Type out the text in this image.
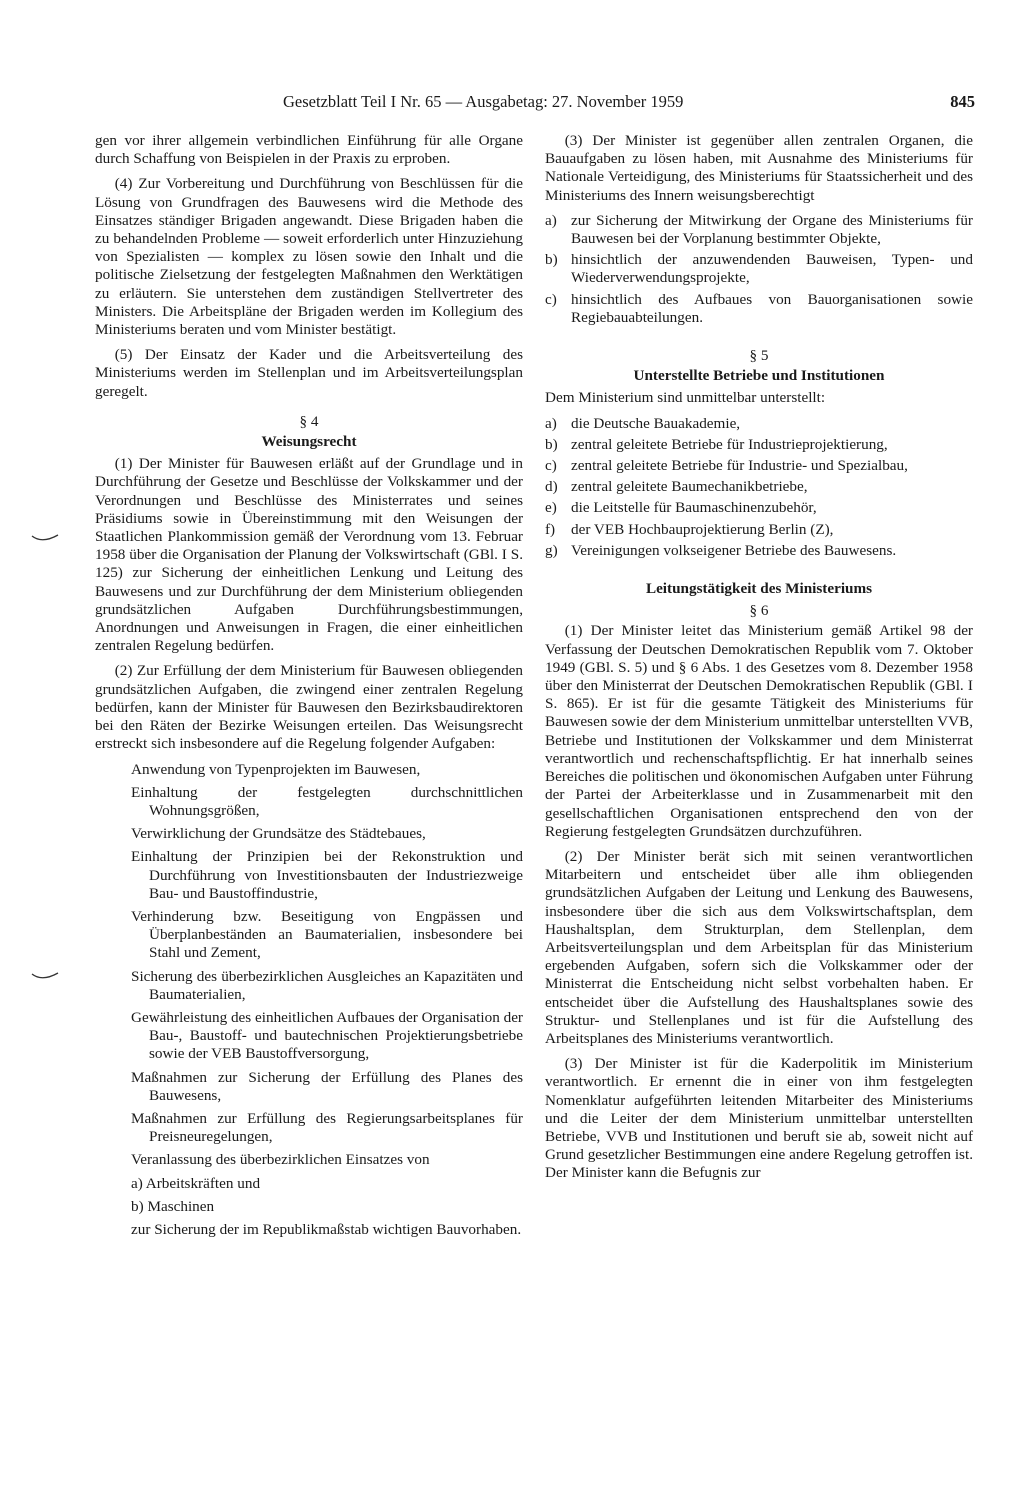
Gesetzblatt Teil I Nr. 65 — Ausgabetag: 27. November 1959	845

gen vor ihrer allgemein verbindlichen Einführung für alle Organe durch Schaffung von Beispielen in der Praxis zu erproben.

(4) Zur Vorbereitung und Durchführung von Beschlüssen für die Lösung von Grundfragen des Bauwesens wird die Methode des Einsatzes ständiger Brigaden angewandt. Diese Brigaden haben die zu behandelnden Probleme — soweit erforderlich unter Hinzuziehung von Spezialisten — komplex zu lösen sowie den Inhalt und die politische Zielsetzung der festgelegten Maßnahmen den Werktätigen zu erläutern. Sie unterstehen dem zuständigen Stellvertreter des Ministers. Die Arbeitspläne der Brigaden werden im Kollegium des Ministeriums beraten und vom Minister bestätigt.

(5) Der Einsatz der Kader und die Arbeitsverteilung des Ministeriums werden im Stellenplan und im Arbeitsverteilungsplan geregelt.

§ 4
Weisungsrecht

(1) Der Minister für Bauwesen erläßt auf der Grundlage und in Durchführung der Gesetze und Beschlüsse der Volkskammer und der Verordnungen und Beschlüsse des Ministerrates und seines Präsidiums sowie in Übereinstimmung mit den Weisungen der Staatlichen Plankommission gemäß der Verordnung vom 13. Februar 1958 über die Organisation der Planung der Volkswirtschaft (GBl. I S. 125) zur Sicherung der einheitlichen Lenkung und Leitung des Bauwesens und zur Durchführung der dem Ministerium obliegenden grundsätzlichen Aufgaben Durchführungsbestimmungen, Anordnungen und Anweisungen in Fragen, die einer einheitlichen zentralen Regelung bedürfen.

(2) Zur Erfüllung der dem Ministerium für Bauwesen obliegenden grundsätzlichen Aufgaben, die zwingend einer zentralen Regelung bedürfen, kann der Minister für Bauwesen den Bezirksbaudirektoren bei den Räten der Bezirke Weisungen erteilen. Das Weisungsrecht erstreckt sich insbesondere auf die Regelung folgender Aufgaben:

Anwendung von Typenprojekten im Bauwesen,
Einhaltung der festgelegten durchschnittlichen Wohnungsgrößen,
Verwirklichung der Grundsätze des Städtebaues,
Einhaltung der Prinzipien bei der Rekonstruktion und Durchführung von Investitionsbauten der Industriezweige Bau- und Baustoffindustrie,
Verhinderung bzw. Beseitigung von Engpässen und Überplanbeständen an Baumaterialien, insbesondere bei Stahl und Zement,
Sicherung des überbezirklichen Ausgleiches an Kapazitäten und Baumaterialien,
Gewährleistung des einheitlichen Aufbaues der Organisation der Bau-, Baustoff- und bautechnischen Projektierungsbetriebe sowie der VEB Baustoffversorgung,
Maßnahmen zur Sicherung der Erfüllung des Planes des Bauwesens,
Maßnahmen zur Erfüllung des Regierungsarbeitsplanes für Preisneuregelungen,
Veranlassung des überbezirklichen Einsatzes von
a) Arbeitskräften und
b) Maschinen
zur Sicherung der im Republikmaßstab wichtigen Bauvorhaben.

(3) Der Minister ist gegenüber allen zentralen Organen, die Bauaufgaben zu lösen haben, mit Ausnahme des Ministeriums für Nationale Verteidigung, des Ministeriums für Staatssicherheit und des Ministeriums des Innern weisungsberechtigt

a) zur Sicherung der Mitwirkung der Organe des Ministeriums für Bauwesen bei der Vorplanung bestimmter Objekte,
b) hinsichtlich der anzuwendenden Bauweisen, Typen- und Wiederverwendungsprojekte,
c) hinsichtlich des Aufbaues von Bauorganisationen sowie Regiebauabteilungen.
§ 5
Unterstellte Betriebe und Institutionen

Dem Ministerium sind unmittelbar unterstellt:

a) die Deutsche Bauakademie,
b) zentral geleitete Betriebe für Industrieprojektierung,
c) zentral geleitete Betriebe für Industrie- und Spezialbau,
d) zentral geleitete Baumechanikbetriebe,
e) die Leitstelle für Baumaschinenzubehör,
f)	der VEB Hochbauprojektierung Berlin (Z),
g) Vereinigungen volkseigener Betriebe des Bauwesens.
Leitungstätigkeit des Ministeriums
§ 6

(1) Der Minister leitet das Ministerium gemäß Artikel 98 der Verfassung der Deutschen Demokratischen Republik vom 7. Oktober 1949 (GBl. S. 5) und § 6 Abs. 1 des Gesetzes vom 8. Dezember 1958 über den Ministerrat der Deutschen Demokratischen Republik (GBl. I S. 865). Er ist für die gesamte Tätigkeit des Ministeriums für Bauwesen sowie der dem Ministerium unmittelbar unterstellten VVB, Betriebe und Institutionen der Volkskammer und dem Ministerrat verantwortlich und rechenschaftspflichtig. Er hat innerhalb seines Bereiches die politischen und ökonomischen Aufgaben unter Führung der Partei der Arbeiterklasse und in Zusammenarbeit mit den gesellschaftlichen Organisationen entsprechend den von der Regierung festgelegten Grundsätzen durchzuführen.

(2) Der Minister berät sich mit seinen verantwortlichen Mitarbeitern und entscheidet über alle ihm obliegenden grundsätzlichen Aufgaben der Leitung und Lenkung des Bauwesens, insbesondere über die sich aus dem Volkswirtschaftsplan, dem Haushaltsplan, dem Strukturplan, dem Stellenplan, dem Arbeitsverteilungsplan und dem Arbeitsplan für das Ministerium ergebenden Aufgaben, sofern sich die Volkskammer oder der Ministerrat die Entscheidung nicht selbst vorbehalten haben. Er entscheidet über die Aufstellung des Haushaltsplanes sowie des Struktur- und Stellenplanes und ist für die Aufstellung des Arbeitsplanes des Ministeriums verantwortlich.

(3) Der Minister ist für die Kaderpolitik im Ministerium verantwortlich. Er ernennt die in einer von ihm festgelegten Nomenklatur aufgeführten leitenden Mitarbeiter des Ministeriums und die Leiter der dem Ministerium unmittelbar unterstellten Betriebe, VVB und Institutionen und beruft sie ab, soweit nicht auf Grund gesetzlicher Bestimmungen eine andere Regelung getroffen ist. Der Minister kann die Befugnis zur
